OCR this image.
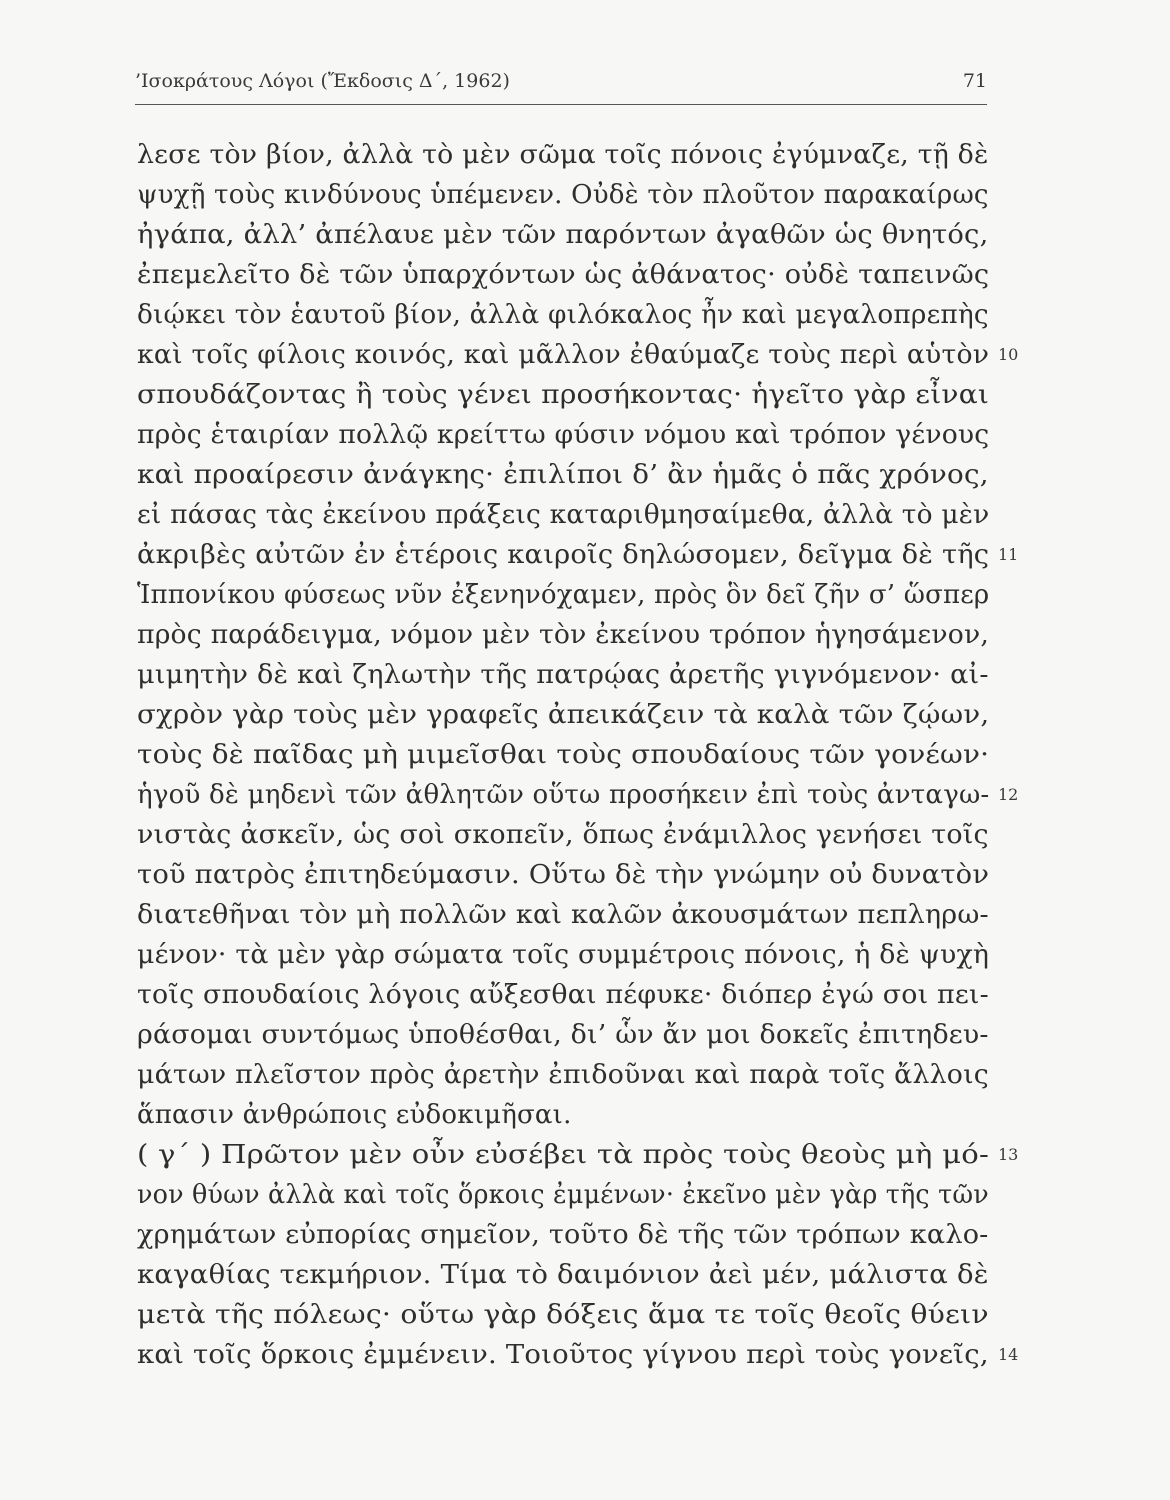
’Ισοκράτους Λόγοι (Ἔκδοσις Δ΄, 1962)	71
λεσε τὸν βίον, ἀλλὰ τὸ μὲν σῶμα τοῖς πόνοις ἐγύμναζε, τῇ δὲ
ψυχῇ τοὺς κινδύνους ὑπέμενεν. Οὐδὲ τὸν πλοῦτον παρακαίρως
ἠγάπα, ἀλλ’ ἀπέλαυε μὲν τῶν παρόντων ἀγαθῶν ὡς θνητός,
ἐπεμελεῖτο δὲ τῶν ὑπαρχόντων ὡς ἀθάνατος· οὐδὲ ταπεινῶς
διῴκει τὸν ἑαυτοῦ βίον, ἀλλὰ φιλόκαλος ἦν καὶ μεγαλοπρεπὴς
καὶ τοῖς φίλοις κοινός, καὶ μᾶλλον ἐθαύμαζε τοὺς περὶ αὑτὸν
σπουδάζοντας ἢ τοὺς γένει προσήκοντας· ἡγεῖτο γὰρ εἶναι
πρὸς ἑταιρίαν πολλῷ κρείττω φύσιν νόμου καὶ τρόπον γένους
καὶ προαίρεσιν ἀνάγκης· ἐπιλίποι δ’ ἂν ἡμᾶς ὁ πᾶς χρόνος,
εἰ πάσας τὰς ἐκείνου πράξεις καταριθμησαίμεθα, ἀλλὰ τὸ μὲν
ἀκριβὲς αὐτῶν ἐν ἑτέροις καιροῖς δηλώσομεν, δεῖγμα δὲ τῆς
Ἱππονίκου φύσεως νῦν ἐξενηνόχαμεν, πρὸς ὃν δεῖ ζῆν σ’ ὥσπερ
πρὸς παράδειγμα, νόμον μὲν τὸν ἐκείνου τρόπον ἡγησάμενον,
μιμητὴν δὲ καὶ ζηλωτὴν τῆς πατρῴας ἀρετῆς γιγνόμενον· αἰ-
σχρὸν γὰρ τοὺς μὲν γραφεῖς ἀπεικάζειν τὰ καλὰ τῶν ζῴων,
τοὺς δὲ παῖδας μὴ μιμεῖσθαι τοὺς σπουδαίους τῶν γονέων·
ἡγοῦ δὲ μηδενὶ τῶν ἀθλητῶν οὕτω προσήκειν ἐπὶ τοὺς ἀνταγω-
νιστὰς ἀσκεῖν, ὡς σοὶ σκοπεῖν, ὅπως ἐνάμιλλος γενήσει τοῖς
τοῦ πατρὸς ἐπιτηδεύμασιν. Οὕτω δὲ τὴν γνώμην οὐ δυνατὸν
διατεθῆναι τὸν μὴ πολλῶν καὶ καλῶν ἀκουσμάτων πεπληρω-
μένον· τὰ μὲν γὰρ σώματα τοῖς συμμέτροις πόνοις, ἡ δὲ ψυχὴ
τοῖς σπουδαίοις λόγοις αὔξεσθαι πέφυκε· διόπερ ἐγώ σοι πει-
ράσομαι συντόμως ὑποθέσθαι, δι’ ὧν ἄν μοι δοκεῖς ἐπιτηδευ-
μάτων πλεῖστον πρὸς ἀρετὴν ἐπιδοῦναι καὶ παρὰ τοῖς ἄλλοις
ἅπασιν ἀνθρώποις εὐδοκιμῆσαι.
( γ΄ ) Πρῶτον μὲν οὖν εὐσέβει τὰ πρὸς τοὺς θεοὺς μὴ μό-
νον θύων ἀλλὰ καὶ τοῖς ὅρκοις ἐμμένων· ἐκεῖνο μὲν γὰρ τῆς τῶν
χρημάτων εὐπορίας σημεῖον, τοῦτο δὲ τῆς τῶν τρόπων καλο-
καγαθίας τεκμήριον. Τίμα τὸ δαιμόνιον ἀεὶ μέν, μάλιστα δὲ
μετὰ τῆς πόλεως· οὕτω γὰρ δόξεις ἅμα τε τοῖς θεοῖς θύειν
καὶ τοῖς ὅρκοις ἐμμένειν. Τοιοῦτος γίγνου περὶ τοὺς γονεῖς,
10
11
12
13
14
